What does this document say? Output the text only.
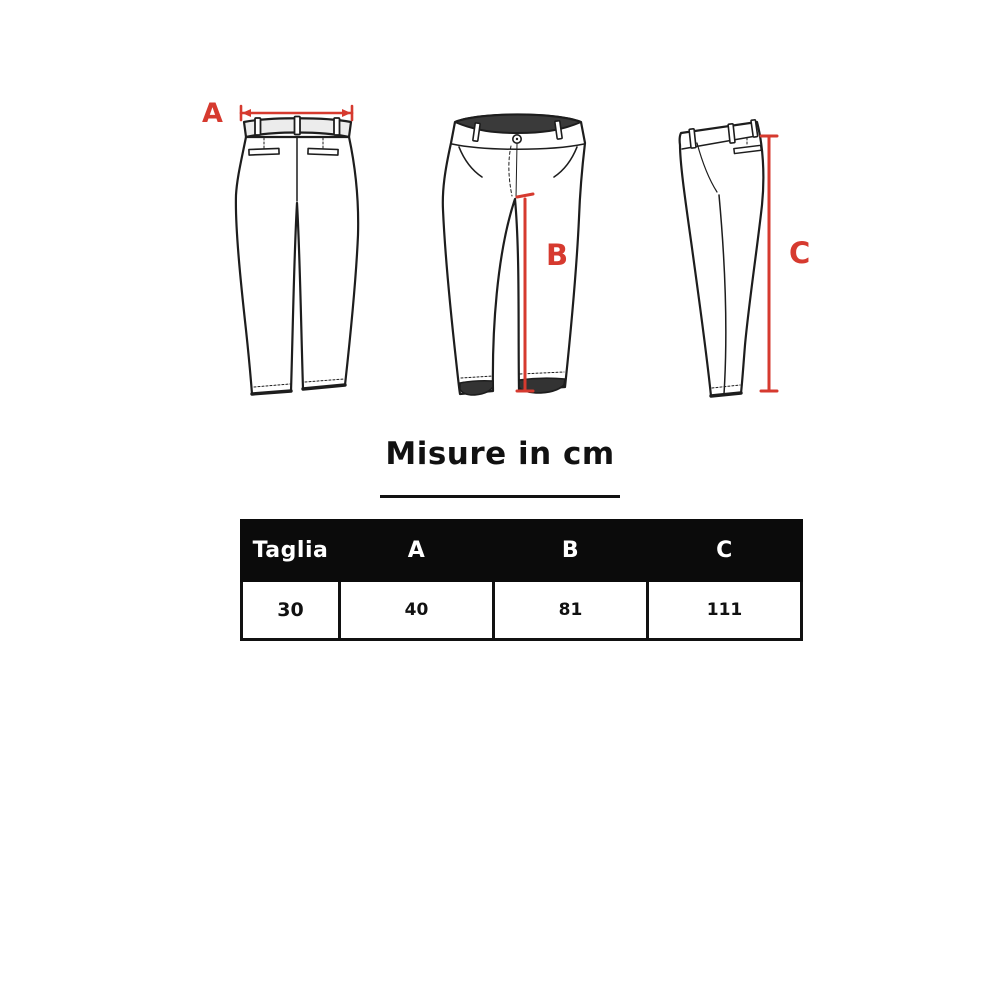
A
B	C
Misure in cm
Taglia	A	B	C
30	40	81	111
